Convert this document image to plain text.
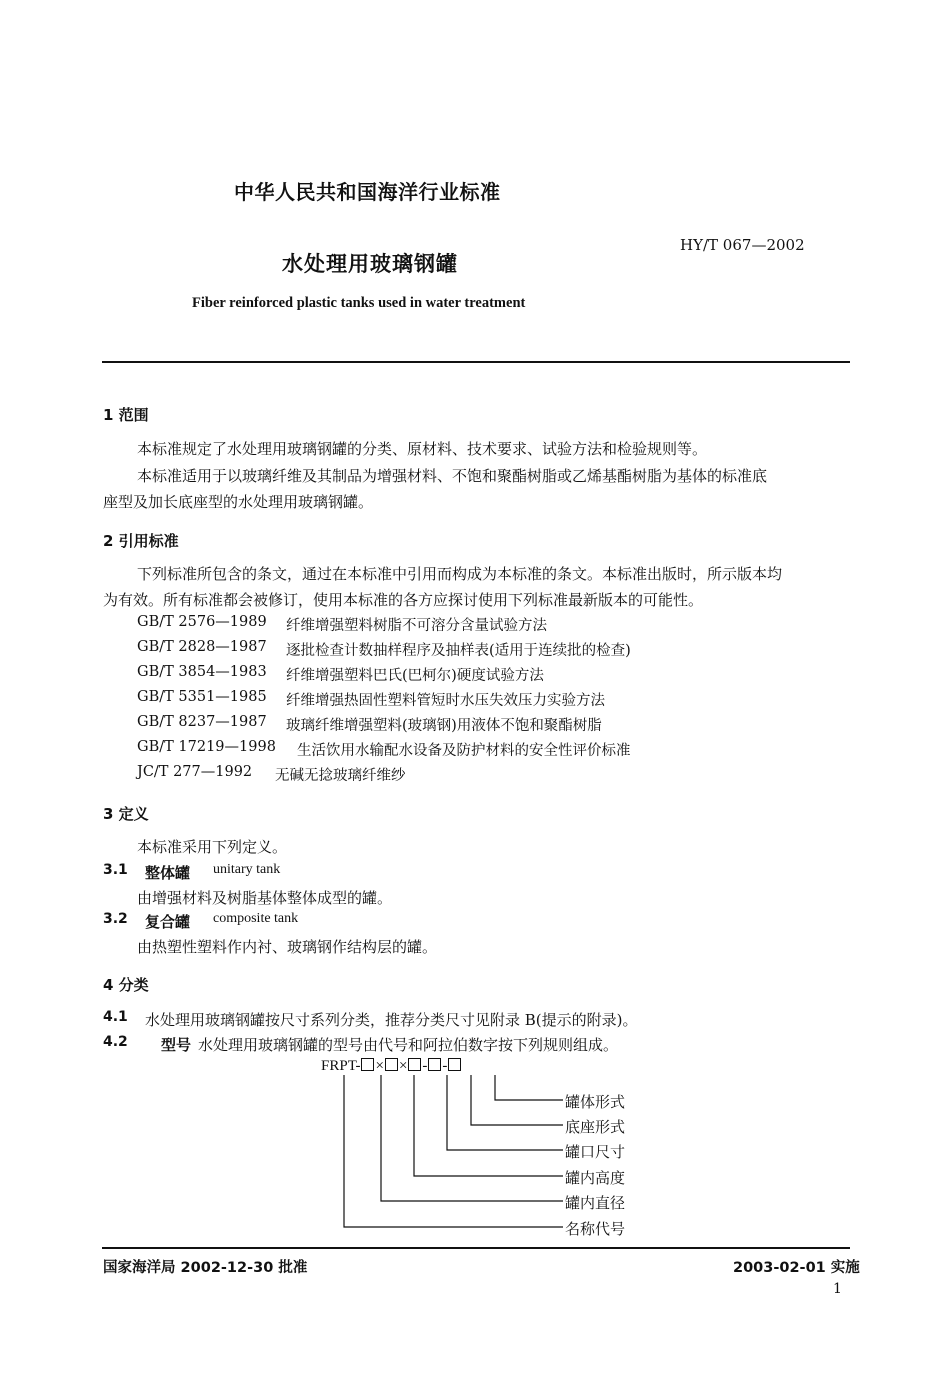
中华人民共和国海洋行业标准
水处理用玻璃钢罐
HY/T 067—2002
Fiber reinforced plastic tanks used in water treatment
1 范围
本标准规定了水处理用玻璃钢罐的分类、原材料、技术要求、试验方法和检验规则等。
本标准适用于以玻璃纤维及其制品为增强材料、不饱和聚酯树脂或乙烯基酯树脂为基体的标准底
座型及加长底座型的水处理用玻璃钢罐。
2 引用标准
下列标准所包含的条文，通过在本标准中引用而构成为本标准的条文。本标准出版时，所示版本均
为有效。所有标准都会被修订，使用本标准的各方应探讨使用下列标准最新版本的可能性。
GB/T 2576—1989 纤维增强塑料树脂不可溶分含量试验方法
GB/T 2828—1987 逐批检查计数抽样程序及抽样表(适用于连续批的检查)
GB/T 3854—1983 纤维增强塑料巴氏(巴柯尔)硬度试验方法
GB/T 5351—1985 纤维增强热固性塑料管短时水压失效压力实验方法
GB/T 8237—1987 玻璃纤维增强塑料(玻璃钢)用液体不饱和聚酯树脂
GB/T 17219—1998 生活饮用水输配水设备及防护材料的安全性评价标准
JC/T 277—1992 无碱无捻玻璃纤维纱
3 定义
本标准采用下列定义。
3.1 整体罐 unitary tank
由增强材料及树脂基体整体成型的罐。
3.2 复合罐 composite tank
由热塑性塑料作内衬、玻璃钢作结构层的罐。
4 分类
4.1 水处理用玻璃钢罐按尺寸系列分类，推荐分类尺寸见附录 B(提示的附录)。
4.2 型号 水处理用玻璃钢罐的型号由代号和阿拉伯数字按下列规则组成。
FRPT- × × - -
罐体形式
底座形式
罐口尺寸
罐内高度
罐内直径
名称代号
国家海洋局 2002-12-30 批准	2003-02-01 实施
1
